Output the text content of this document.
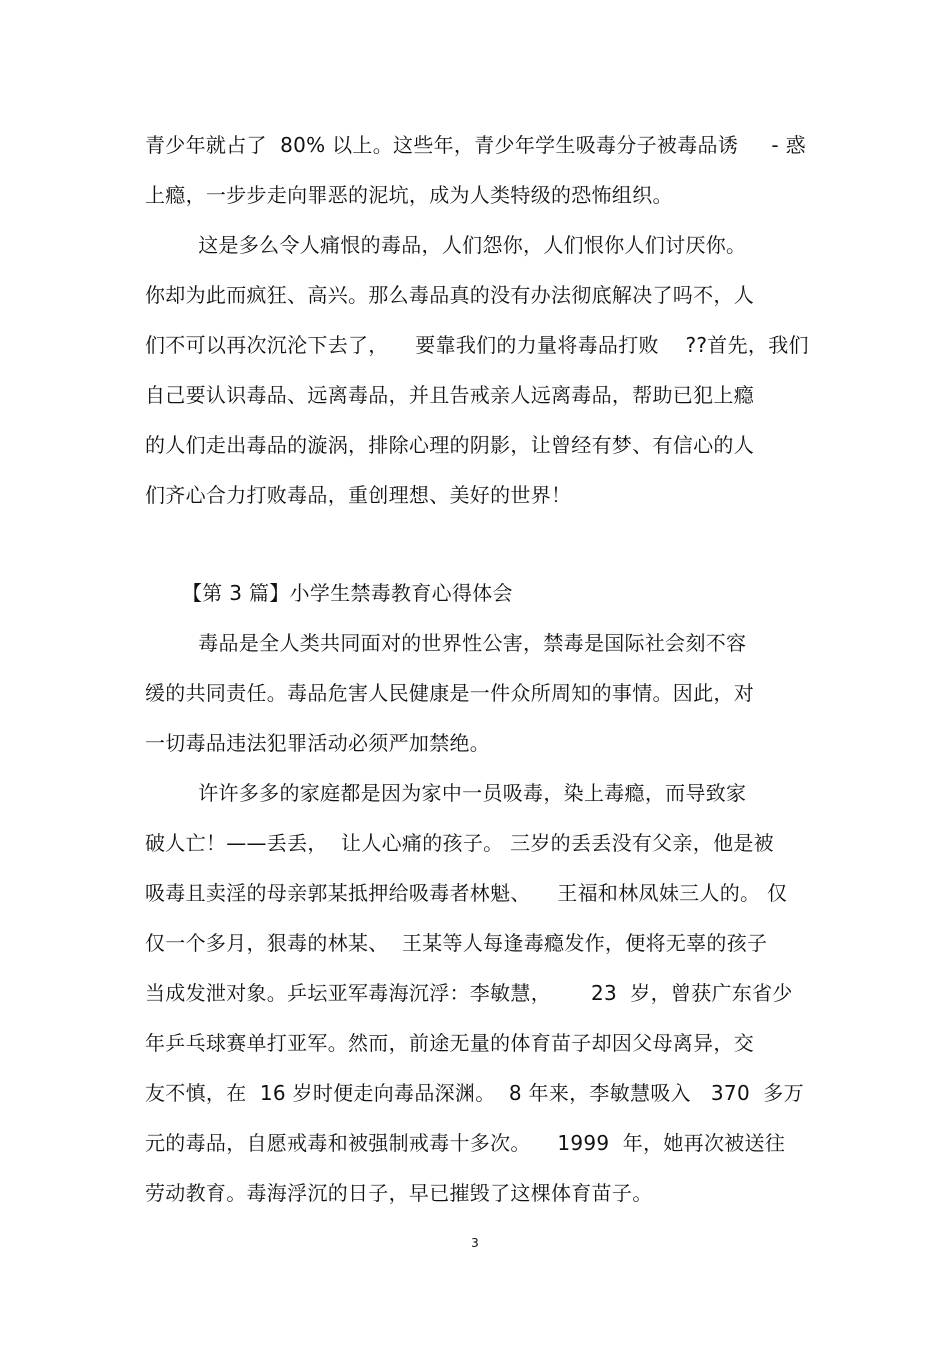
青少年就占了  80% 以上。这些年，青少年学生吸毒分子被毒品诱     - 惑
上瘾，一步步走向罪恶的泥坑，成为人类特级的恐怖组织。
这是多么令人痛恨的毒品，人们怨你，人们恨你人们讨厌你。
你却为此而疯狂、高兴。那么毒品真的没有办法彻底解决了吗不，人
们不可以再次沉沦下去了，    要靠我们的力量将毒品打败    ??首先，我们
自己要认识毒品、远离毒品，并且告戒亲人远离毒品，帮助已犯上瘾
的人们走出毒品的漩涡，排除心理的阴影，让曾经有梦、有信心的人
们齐心合力打败毒品，重创理想、美好的世界！
【第 3 篇】小学生禁毒教育心得体会
毒品是全人类共同面对的世界性公害，禁毒是国际社会刻不容
缓的共同责任。毒品危害人民健康是一件众所周知的事情。因此，对
一切毒品违法犯罪活动必须严加禁绝。
许许多多的家庭都是因为家中一员吸毒，染上毒瘾，而导致家
破人亡！——丢丢，  让人心痛的孩子。 三岁的丢丢没有父亲，他是被
吸毒且卖淫的母亲郭某抵押给吸毒者林魁、    王福和林凤妹三人的。 仅
仅一个多月，狠毒的林某、  王某等人每逢毒瘾发作，便将无辜的孩子
当成发泄对象。乒坛亚军毒海沉浮：李敏慧，      23  岁，曾获广东省少
年乒乓球赛单打亚军。然而，前途无量的体育苗子却因父母离异，交
友不慎，在  16 岁时便走向毒品深渊。  8 年来，李敏慧吸入   370  多万
元的毒品，自愿戒毒和被强制戒毒十多次。    1999  年，她再次被送往
劳动教育。毒海浮沉的日子，早已摧毁了这棵体育苗子。
3
